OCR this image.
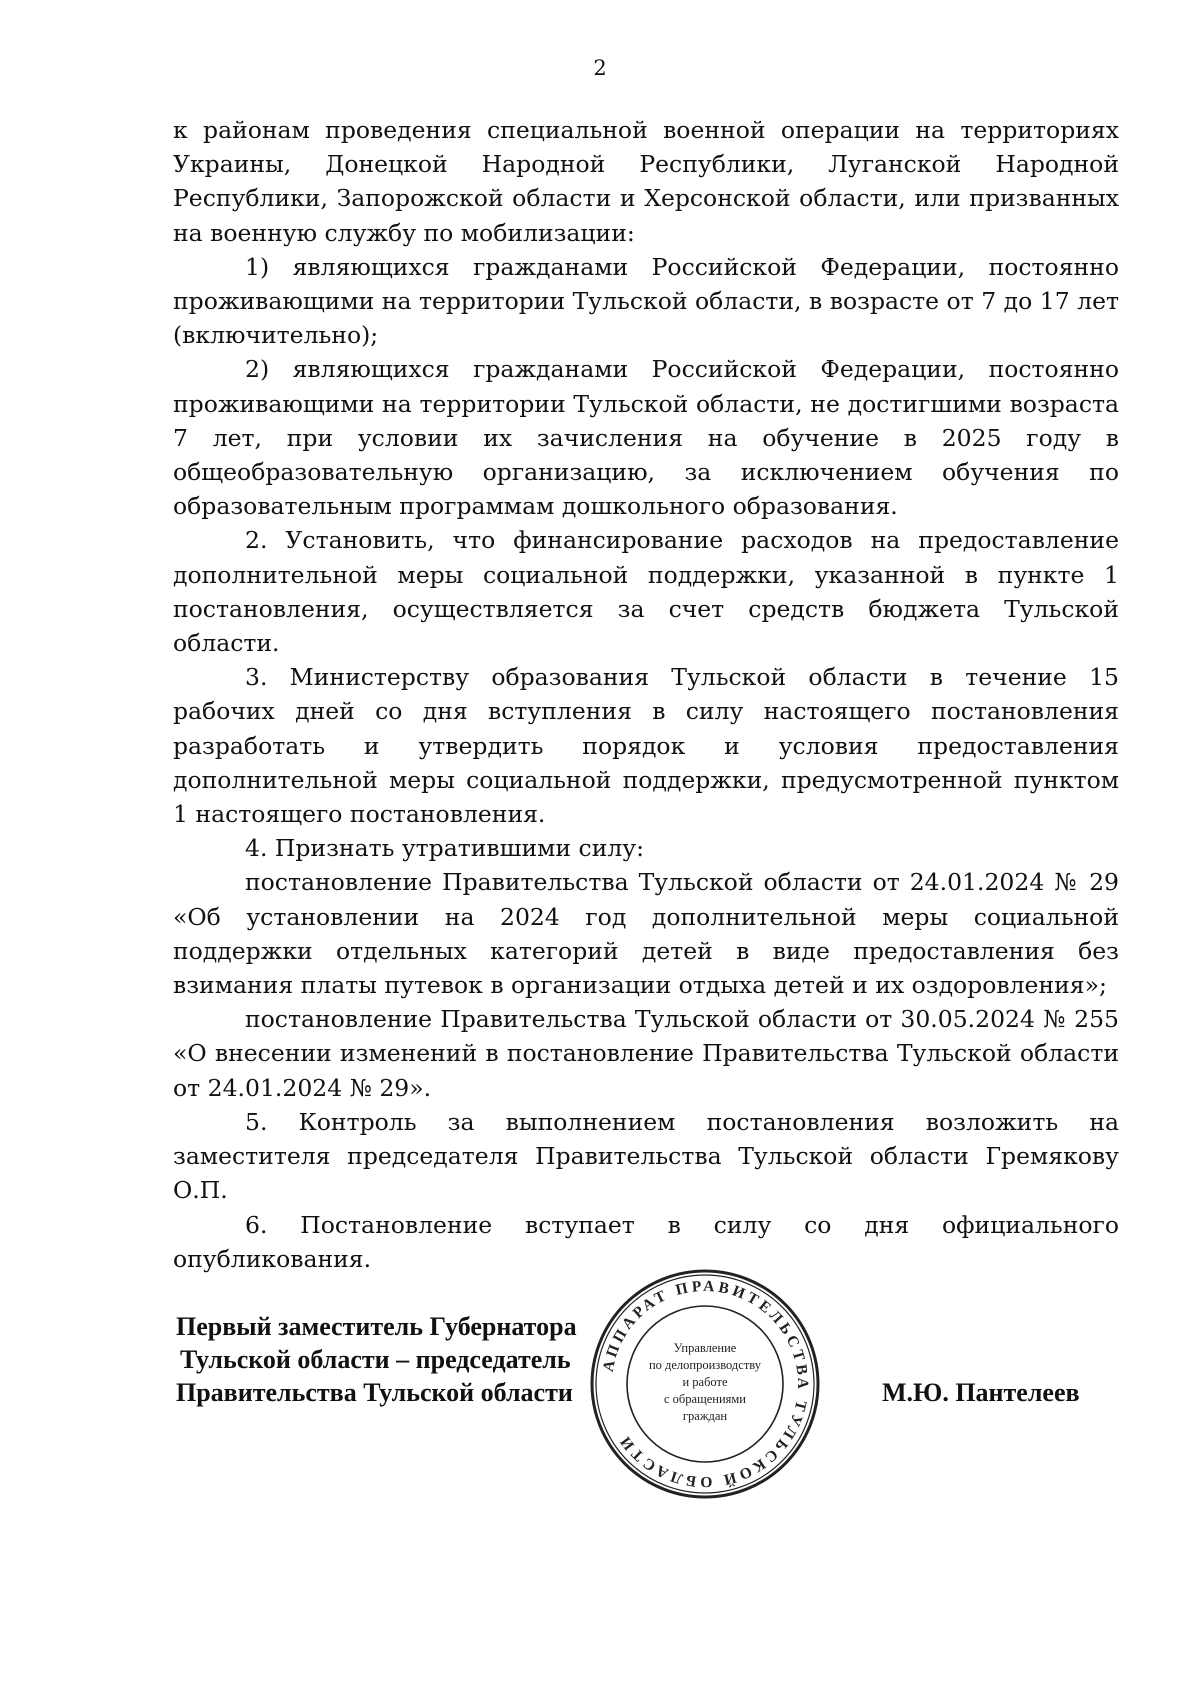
2

к районам проведения специальной военной операции на территориях Украины, Донецкой Народной Республики, Луганской Народной Республики, Запорожской области и Херсонской области, или призванных на военную службу по мобилизации:

1) являющихся гражданами Российской Федерации, постоянно проживающими на территории Тульской области, в возрасте от 7 до 17 лет (включительно);

2) являющихся гражданами Российской Федерации, постоянно проживающими на территории Тульской области, не достигшими возраста 7 лет, при условии их зачисления на обучение в 2025 году в общеобразовательную организацию, за исключением обучения по образовательным программам дошкольного образования.

2. Установить, что финансирование расходов на предоставление дополнительной меры социальной поддержки, указанной в пункте 1 постановления, осуществляется за счет средств бюджета Тульской области.

3. Министерству образования Тульской области в течение 15 рабочих дней со дня вступления в силу настоящего постановления разработать и утвердить порядок и условия предоставления дополнительной меры социальной поддержки, предусмотренной пунктом 1 настоящего постановления.

4. Признать утратившими силу:

постановление Правительства Тульской области от 24.01.2024 № 29 «Об установлении на 2024 год дополнительной меры социальной поддержки отдельных категорий детей в виде предоставления без взимания платы путевок в организации отдыха детей и их оздоровления»;

постановление Правительства Тульской области от 30.05.2024 № 255 «О внесении изменений в постановление Правительства Тульской области от 24.01.2024 № 29».

5. Контроль за выполнением постановления возложить на заместителя председателя Правительства Тульской области Гремякову О.П.

6. Постановление вступает в силу со дня официального опубликования.

Первый заместитель Губернатора
Тульской области – председатель
Правительства Тульской области
АППАРАТ ПРАВИТЕЛЬСТВА ТУЛЬСКОЙ ОБЛАСТИ
Управление
по делопроизводству
и работе
с обращениями
граждан
М.Ю. Пантелеев
